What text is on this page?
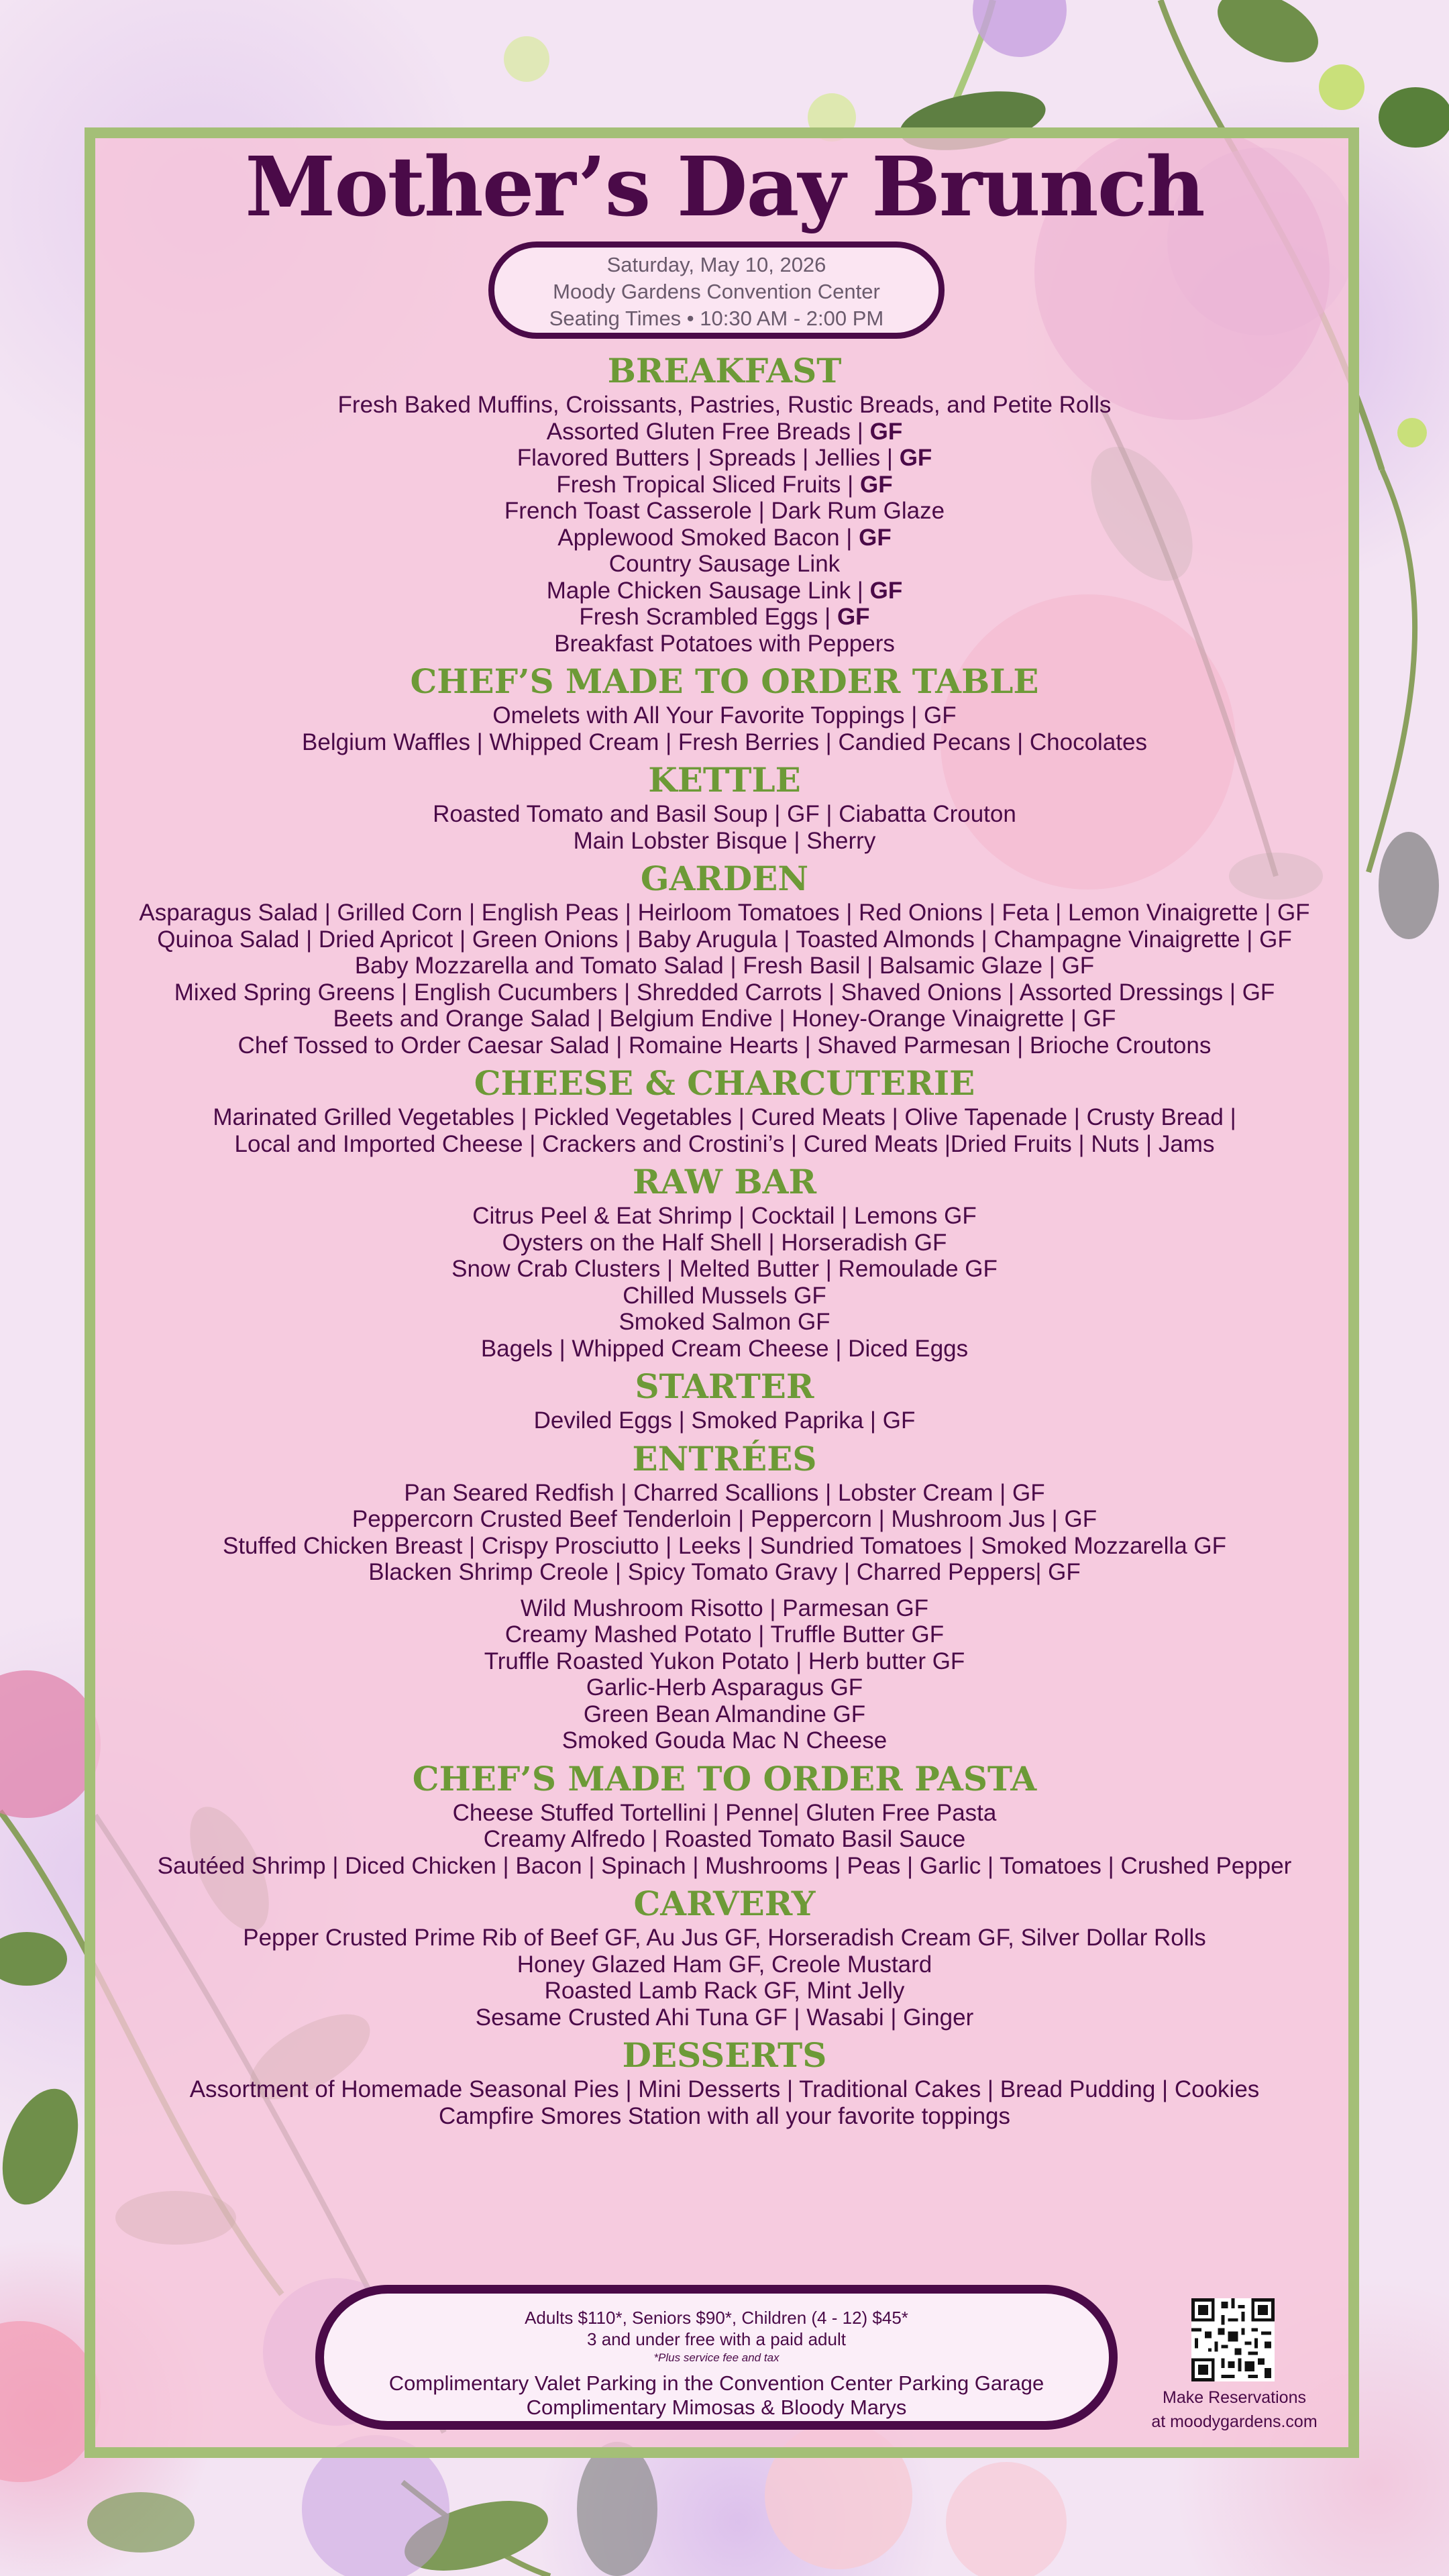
Mother’s Day Brunch
Saturday, May 10, 2026
Moody Gardens Convention Center
Seating Times • 10:30 AM - 2:00 PM
BREAKFAST
Fresh Baked Muffins, Croissants, Pastries, Rustic Breads, and Petite Rolls
Assorted Gluten Free Breads | GF
Flavored Butters | Spreads | Jellies | GF
Fresh Tropical Sliced Fruits | GF
French Toast Casserole | Dark Rum Glaze
Applewood Smoked Bacon | GF
Country Sausage Link
Maple Chicken Sausage Link | GF
Fresh Scrambled Eggs | GF
Breakfast Potatoes with Peppers
CHEF’S MADE TO ORDER TABLE
Omelets with All Your Favorite Toppings | GF
Belgium Waffles | Whipped Cream | Fresh Berries | Candied Pecans | Chocolates
KETTLE
Roasted Tomato and Basil Soup | GF | Ciabatta Crouton
Main Lobster Bisque | Sherry
GARDEN
Asparagus Salad | Grilled Corn | English Peas | Heirloom Tomatoes | Red Onions | Feta | Lemon Vinaigrette | GF
Quinoa Salad | Dried Apricot | Green Onions | Baby Arugula | Toasted Almonds | Champagne Vinaigrette | GF
Baby Mozzarella and Tomato Salad | Fresh Basil | Balsamic Glaze | GF
Mixed Spring Greens | English Cucumbers | Shredded Carrots | Shaved Onions | Assorted Dressings | GF
Beets and Orange Salad | Belgium Endive | Honey-Orange Vinaigrette | GF
Chef Tossed to Order Caesar Salad | Romaine Hearts | Shaved Parmesan | Brioche Croutons
CHEESE & CHARCUTERIE
Marinated Grilled Vegetables | Pickled Vegetables | Cured Meats | Olive Tapenade | Crusty Bread |
Local and Imported Cheese | Crackers and Crostini’s | Cured Meats |Dried Fruits | Nuts | Jams
RAW BAR
Citrus Peel & Eat Shrimp | Cocktail | Lemons GF
Oysters on the Half Shell | Horseradish GF
Snow Crab Clusters | Melted Butter | Remoulade GF
Chilled Mussels GF
Smoked Salmon GF
Bagels | Whipped Cream Cheese | Diced Eggs
STARTER
Deviled Eggs | Smoked Paprika | GF
ENTRÉES
Pan Seared Redfish | Charred Scallions | Lobster Cream | GF
Peppercorn Crusted Beef Tenderloin | Peppercorn | Mushroom Jus | GF
Stuffed Chicken Breast | Crispy Prosciutto | Leeks | Sundried Tomatoes | Smoked Mozzarella GF
Blacken Shrimp Creole | Spicy Tomato Gravy | Charred Peppers| GF
Wild Mushroom Risotto | Parmesan GF
Creamy Mashed Potato | Truffle Butter GF
Truffle Roasted Yukon Potato | Herb butter GF
Garlic-Herb Asparagus GF
Green Bean Almandine GF
Smoked Gouda Mac N Cheese
CHEF’S MADE TO ORDER PASTA
Cheese Stuffed Tortellini | Penne| Gluten Free Pasta
Creamy Alfredo | Roasted Tomato Basil Sauce
Sautéed Shrimp | Diced Chicken | Bacon | Spinach | Mushrooms | Peas | Garlic | Tomatoes | Crushed Pepper
CARVERY
Pepper Crusted Prime Rib of Beef GF, Au Jus GF, Horseradish Cream GF, Silver Dollar Rolls
Honey Glazed Ham GF, Creole Mustard
Roasted Lamb Rack GF, Mint Jelly
Sesame Crusted Ahi Tuna GF | Wasabi | Ginger
DESSERTS
Assortment of Homemade Seasonal Pies | Mini Desserts | Traditional Cakes | Bread Pudding | Cookies
Campfire Smores Station with all your favorite toppings
Adults $110*, Seniors $90*, Children (4 - 12) $45*
3 and under free with a paid adult
*Plus service fee and tax
Complimentary Valet Parking in the Convention Center Parking Garage
Complimentary Mimosas & Bloody Marys	Make Reservations
at moodygardens.com
